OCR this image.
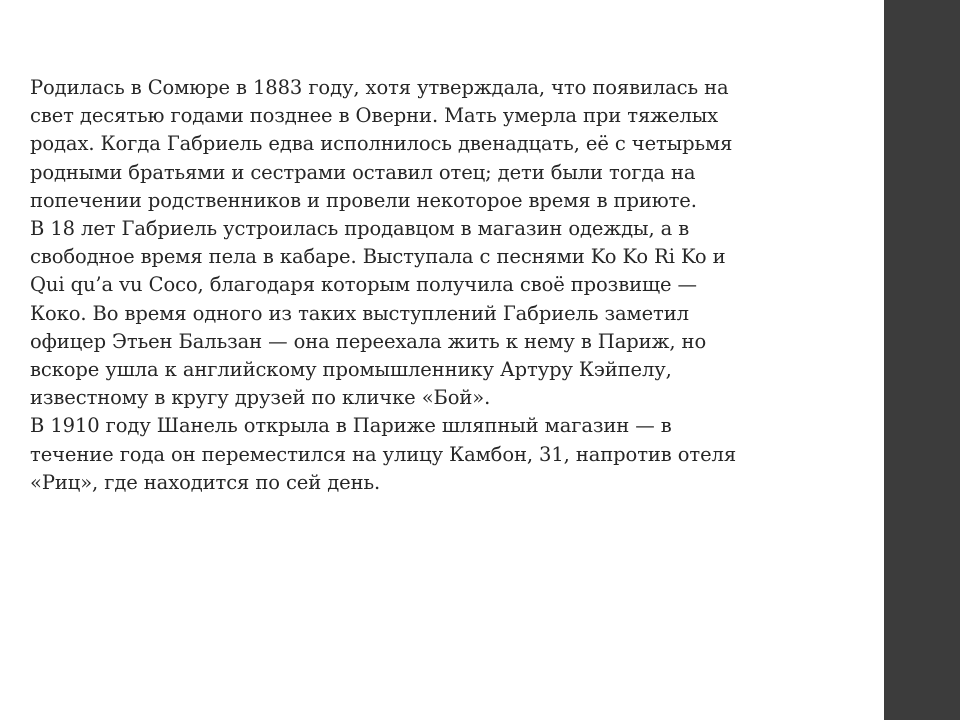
Родилась в Сомюре в 1883 году, хотя утверждала, что появилась на
свет десятью годами позднее в Оверни. Мать умерла при тяжелых
родах. Когда Габриель едва исполнилось двенадцать, её с четырьмя
родными братьями и сестрами оставил отец; дети были тогда на
попечении родственников и провели некоторое время в приюте.

В 18 лет Габриель устроилась продавцом в магазин одежды, а в
свободное время пела в кабаре. Выступала с песнями Ko Ko Ri Ko и
Qui qu’a vu Coco, благодаря которым получила своё прозвище —
Коко. Во время одного из таких выступлений Габриель заметил
офицер Этьен Бальзан — она переехала жить к нему в Париж, но
вскоре ушла к английскому промышленнику Артуру Кэйпелу,
известному в кругу друзей по кличке «Бой».

В 1910 году Шанель открыла в Париже шляпный магазин — в
течение года он переместился на улицу Камбон, 31, напротив отеля
«Риц», где находится по сей день.
